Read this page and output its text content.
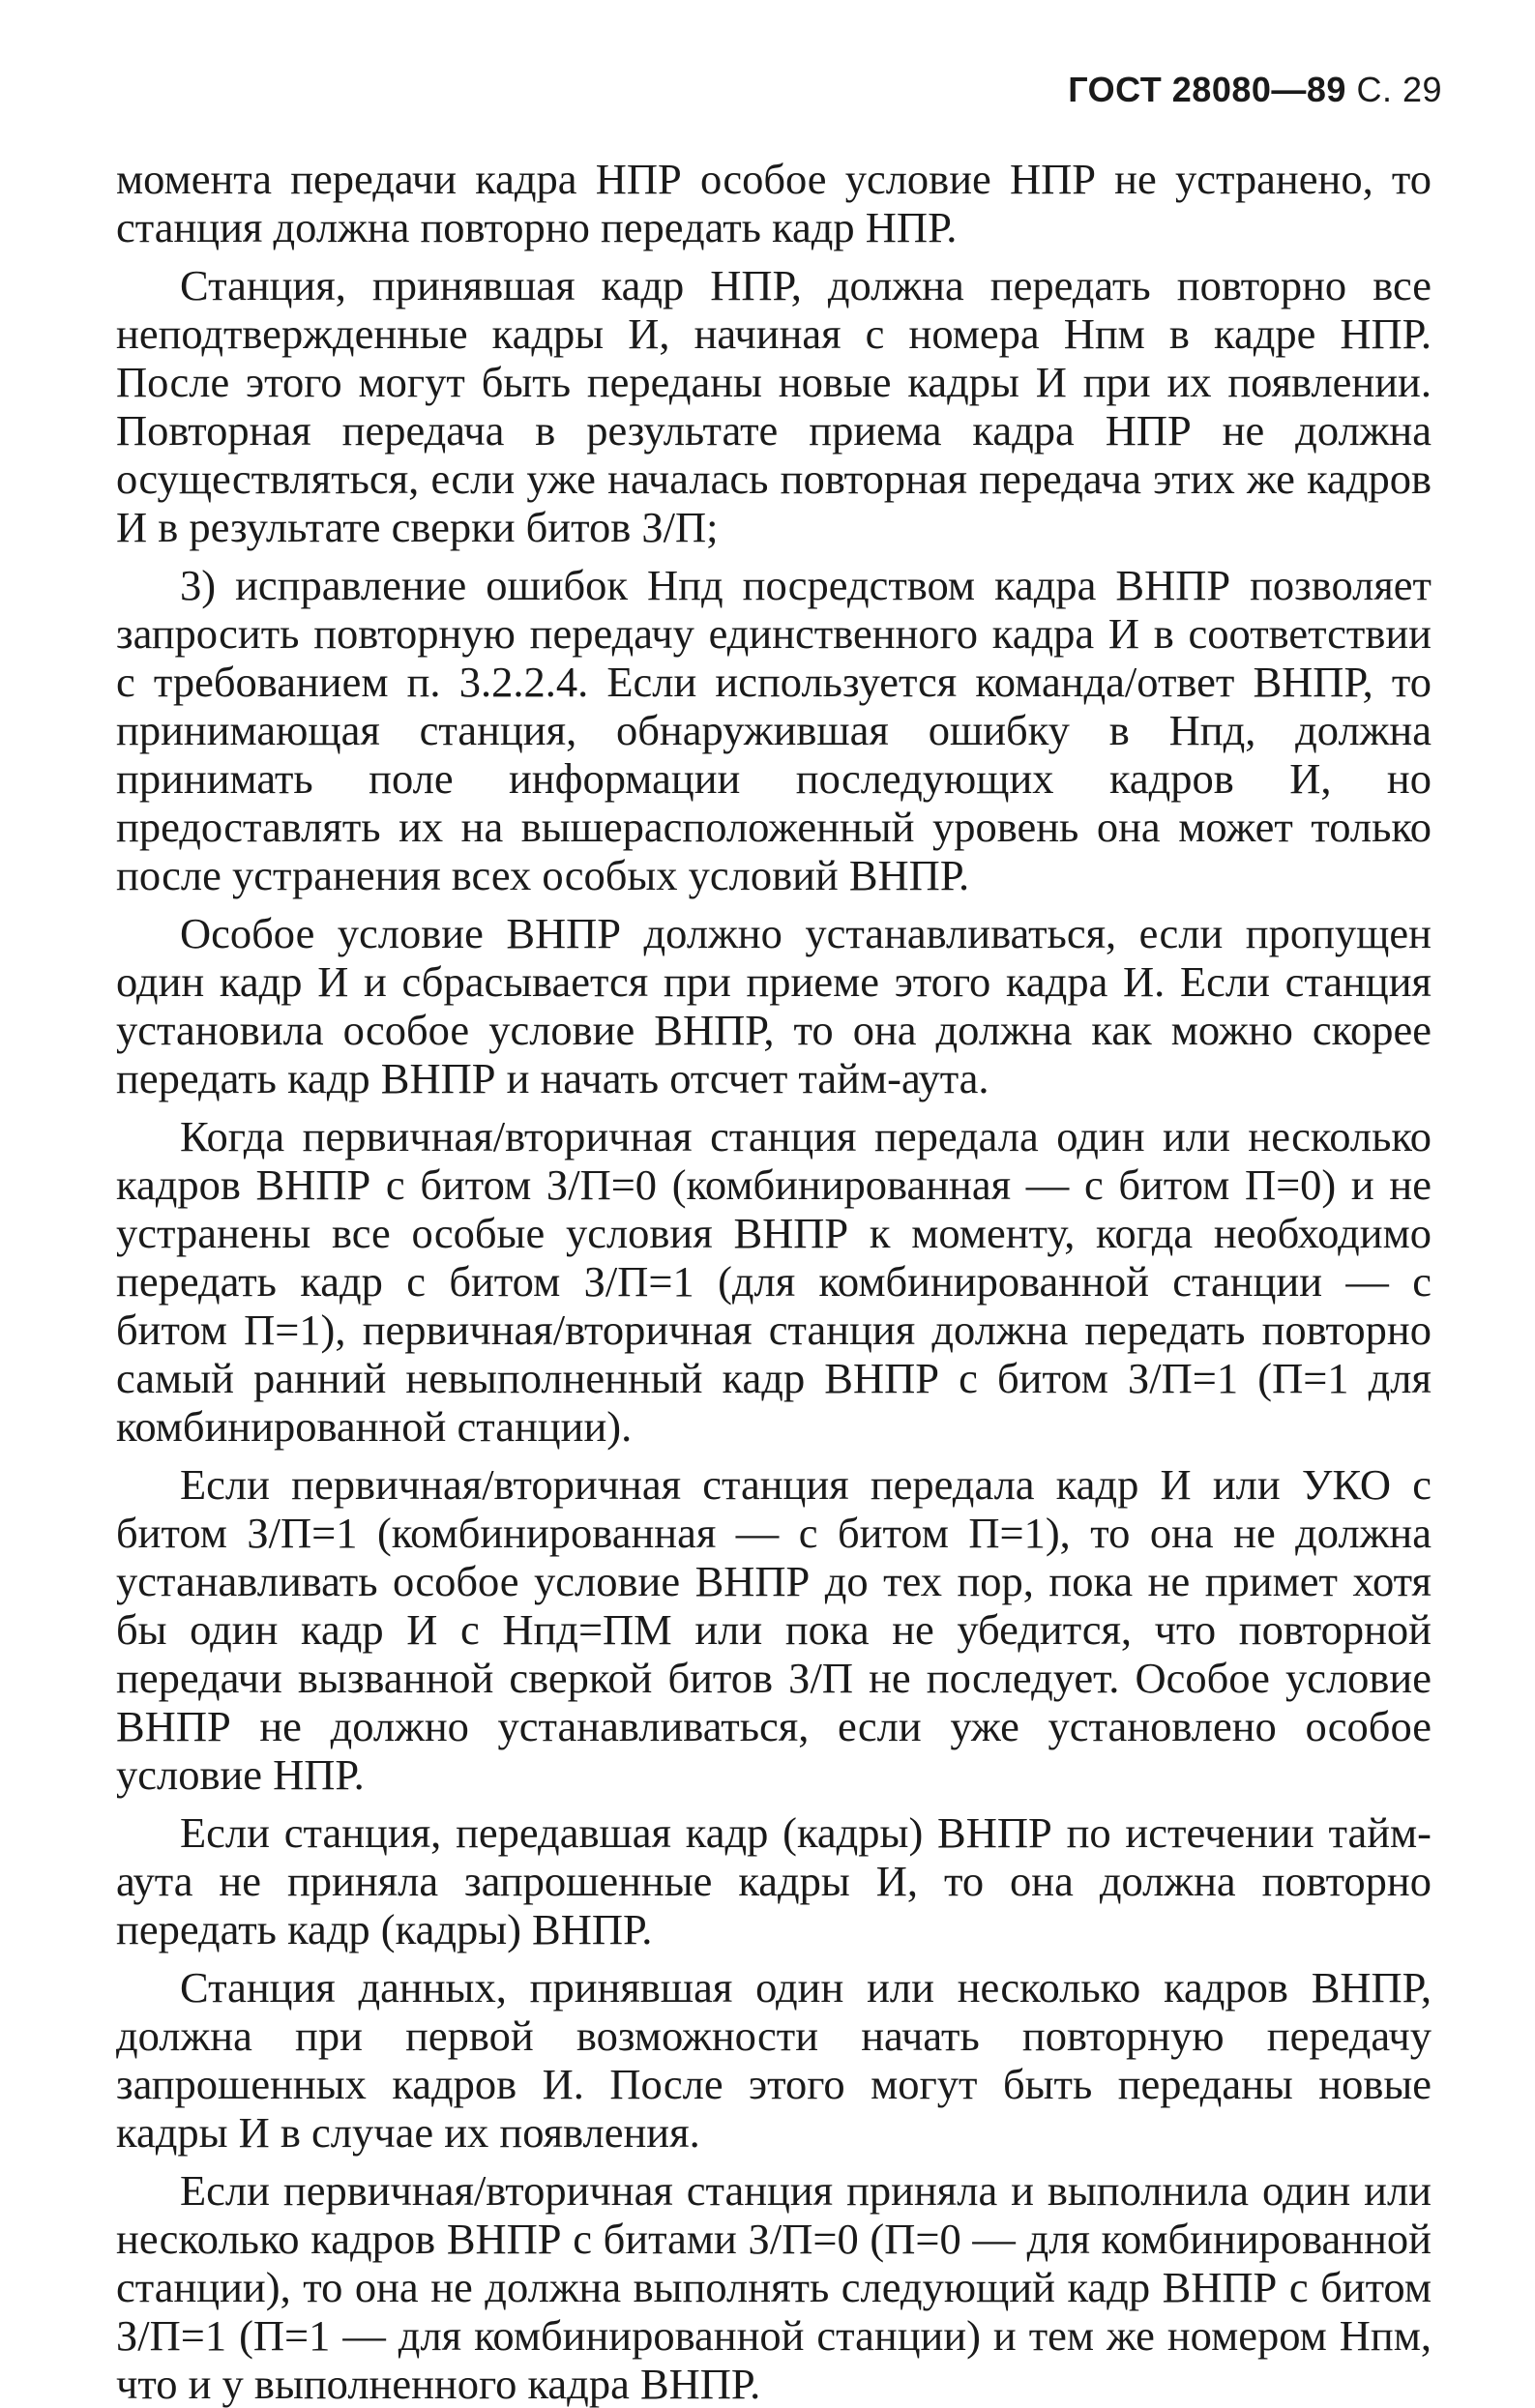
ГОСТ 28080—89 С. 29

момента передачи кадра НПР особое условие НПР не устранено, то станция должна повторно передать кадр НПР.

Станция, принявшая кадр НПР, должна передать повторно все неподтвержденные кадры И, начиная с номера Нпм в кадре НПР. После этого могут быть переданы новые кадры И при их появлении. Повторная передача в результате приема кадра НПР не должна осуществляться, если уже началась повторная передача этих же кадров И в результате сверки битов З/П;

3) исправление ошибок Нпд посредством кадра ВНПР позволяет запросить повторную передачу единственного кадра И в соответствии с требованием п. 3.2.2.4. Если используется команда/ответ ВНПР, то принимающая станция, обнаружившая ошибку в Нпд, должна принимать поле информации последующих кадров И, но предоставлять их на вышерасположенный уровень она может только после устранения всех особых условий ВНПР.

Особое условие ВНПР должно устанавливаться, если пропущен один кадр И и сбрасывается при приеме этого кадра И. Если станция установила особое условие ВНПР, то она должна как можно скорее передать кадр ВНПР и начать отсчет тайм-аута.

Когда первичная/вторичная станция передала один или несколько кадров ВНПР с битом З/П=0 (комбинированная — с битом П=0) и не устранены все особые условия ВНПР к моменту, когда необходимо передать кадр с битом З/П=1 (для комбинированной станции — с битом П=1), первичная/вторичная станция должна передать повторно самый ранний невыполненный кадр ВНПР с битом З/П=1 (П=1 для комбинированной станции).

Если первичная/вторичная станция передала кадр И или УКО с битом З/П=1 (комбинированная — с битом П=1), то она не должна устанавливать особое условие ВНПР до тех пор, пока не примет хотя бы один кадр И с Нпд=ПМ или пока не убедится, что повторной передачи вызванной сверкой битов З/П не последует. Особое условие ВНПР не должно устанавливаться, если уже установлено особое условие НПР.

Если станция, передавшая кадр (кадры) ВНПР по истечении тайм-аута не приняла запрошенные кадры И, то она должна повторно передать кадр (кадры) ВНПР.

Станция данных, принявшая один или несколько кадров ВНПР, должна при первой возможности начать повторную передачу запрошенных кадров И. После этого могут быть переданы новые кадры И в случае их появления.

Если первичная/вторичная станция приняла и выполнила один или несколько кадров ВНПР с битами З/П=0 (П=0 — для комбинированной станции), то она не должна выполнять следующий кадр ВНПР с битом З/П=1 (П=1 — для комбинированной станции) и тем же номером Нпм, что и у выполненного кадра ВНПР.
